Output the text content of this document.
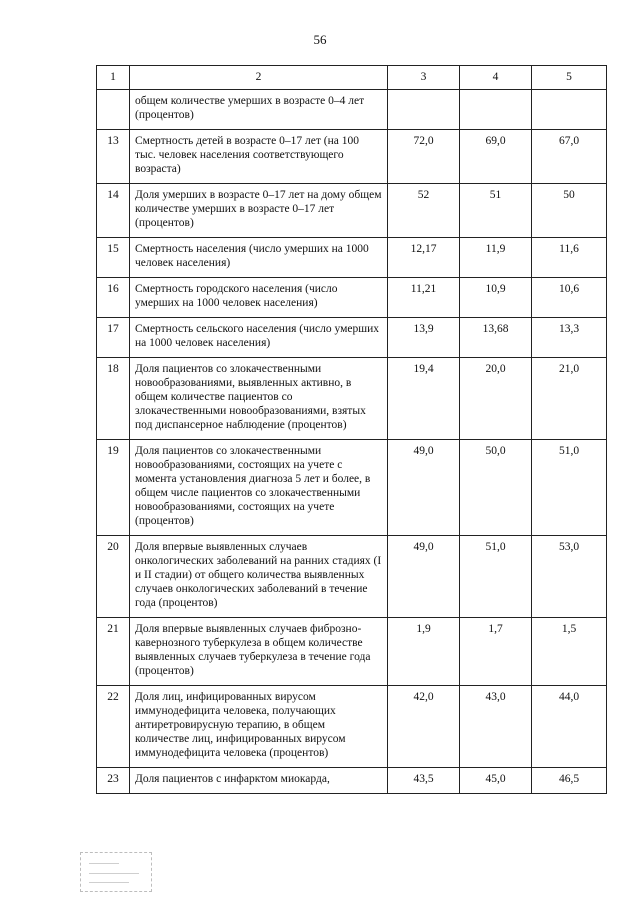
56
1	2	3	4	5
	общем количестве умерших в возрасте 0–4 лет (процентов)			
13	Смертность детей в возрасте 0–17 лет (на 100 тыс. человек населения соответствующего возраста)	72,0	69,0	67,0
14	Доля умерших в возрасте 0–17 лет на дому общем количестве умерших в возрасте 0–17 лет (процентов)	52	51	50
15	Смертность населения (число умерших на 1000 человек населения)	12,17	11,9	11,6
16	Смертность городского населения (число умерших на 1000 человек населения)	11,21	10,9	10,6
17	Смертность сельского населения (число умерших на 1000 человек населения)	13,9	13,68	13,3
18	Доля пациентов со злокачественными новообразованиями, выявленных активно, в общем количестве пациентов со злокачественными новообразованиями, взятых под диспансерное наблюдение (процентов)	19,4	20,0	21,0
19	Доля пациентов со злокачественными новообразованиями, состоящих на учете с момента установления диагноза 5 лет и более, в общем числе пациентов со злокачественными новообразованиями, состоящих на учете (процентов)	49,0	50,0	51,0
20	Доля впервые выявленных случаев онкологических заболеваний на ранних стадиях (I и II стадии) от общего количества выявленных случаев онкологических заболеваний в течение года (процентов)	49,0	51,0	53,0
21	Доля впервые выявленных случаев фиброзно-кавернозного туберкулеза в общем количестве выявленных случаев туберкулеза в течение года (процентов)	1,9	1,7	1,5
22	Доля лиц, инфицированных вирусом иммунодефицита человека, получающих антиретровирусную терапию, в общем количестве лиц, инфицированных вирусом иммунодефицита человека (процентов)	42,0	43,0	44,0
23	Доля пациентов с инфарктом миокарда,	43,5	45,0	46,5
